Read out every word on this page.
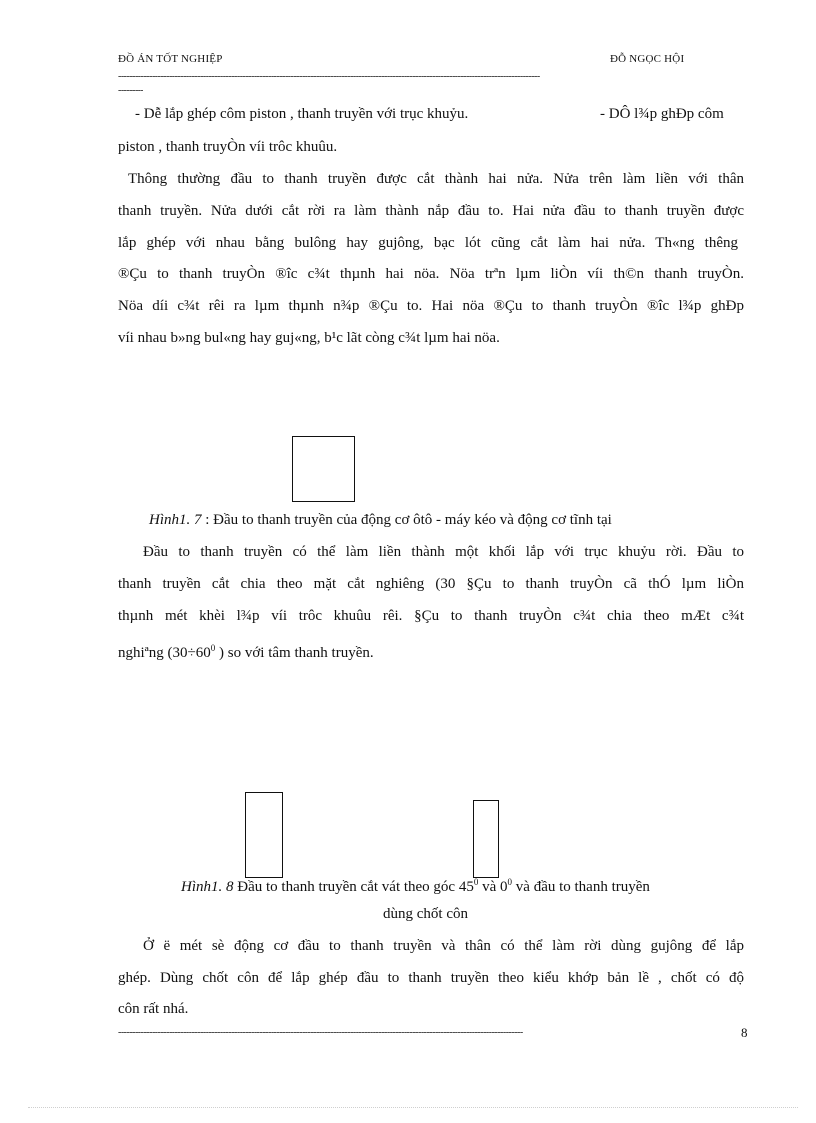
ĐỒ ÁN TỐT NGHIỆP	ĐỖ NGỌC HỘI
-----------------------------------------------------------------------------------------------------------------------------------------------------
---------
- Dễ lắp ghép côm piston , thanh truyền với trục khuỷu.	- DÔ l¾p ghÐp côm
piston , thanh truyÒn víi trôc khuûu.
Thông thường đầu to thanh truyền được cắt thành hai nửa. Nửa trên làm liền với thân
thanh truyền. Nửa dưới cắt rời ra làm thành nắp đầu to. Hai nửa đầu to thanh truyền được
lắp ghép với nhau bằng bulông hay gujông, bạc lót cũng cắt làm hai nửa. Th«ng thêng
®Çu to thanh truyÒn ®îc c¾t thµnh hai nöa. Nöa trªn lµm liÒn víi th©n thanh truyÒn.
Nöa díi c¾t rêi ra lµm thµnh n¾p ®Çu to. Hai nöa ®Çu to thanh truyÒn ®îc l¾p ghÐp
víi nhau b»ng bul«ng hay guj«ng, b¹c lãt còng c¾t lµm hai nöa.
Hình1. 7 : Đầu to thanh truyền của động cơ ôtô - máy kéo và động cơ tĩnh tại
Đầu to thanh truyền có thể làm liền thành một khối lắp với trục khuỷu rời. Đầu to
thanh truyền cắt chia theo mặt cắt nghiêng (30 §Çu to thanh truyÒn cã thÓ lµm liÒn
thµnh mét khèi l¾p víi trôc khuûu rêi. §Çu to thanh truyÒn c¾t chia theo mÆt c¾t
nghiªng ($30\div 60^0$ ) so với tâm thanh truyền.
Hình1. 8 Đầu to thanh truyền cắt vát theo góc $45^0$ và $0^0$ và đầu to thanh truyền
dùng chốt côn
Ở ë mét sè động cơ đầu to thanh truyền và thân có thể làm rời dùng gujông để lắp
ghép. Dùng chốt côn để lắp ghép đầu to thanh truyền theo kiểu khớp bản lề , chốt có độ
côn rất nhá.
-----------------------------------------------------------------------------------------------------------------------------------------------	8
